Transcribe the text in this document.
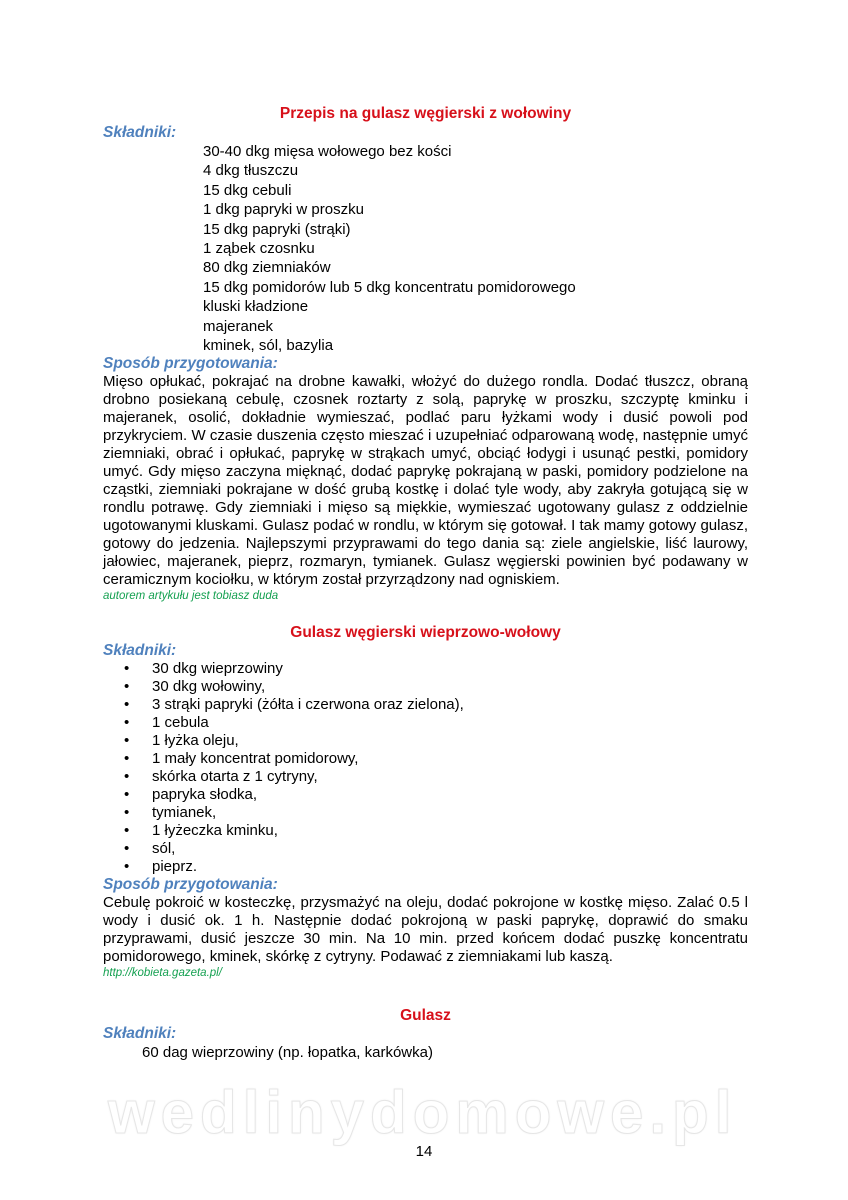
Przepis na gulasz węgierski z wołowiny
Składniki:
30-40 dkg mięsa wołowego bez kości
4 dkg tłuszczu
15 dkg cebuli
1 dkg papryki w proszku
15 dkg papryki (strąki)
1 ząbek czosnku
80 dkg ziemniaków
15 dkg pomidorów lub 5 dkg koncentratu pomidorowego
kluski kładzione
majeranek
kminek, sól, bazylia
Sposób przygotowania:

Mięso opłukać, pokrajać na drobne kawałki, włożyć do dużego rondla. Dodać tłuszcz, obraną drobno posiekaną cebulę, czosnek roztarty z solą, paprykę w proszku, szczyptę kminku i majeranek, osolić, dokładnie wymieszać, podlać paru łyżkami wody i dusić powoli pod przykryciem. W czasie duszenia często mieszać i uzupełniać odparowaną wodę, następnie umyć ziemniaki, obrać i opłukać, paprykę w strąkach umyć, obciąć łodygi i usunąć pestki, pomidory umyć. Gdy mięso zaczyna mięknąć, dodać paprykę pokrajaną w paski, pomidory podzielone na cząstki, ziemniaki pokrajane w dość grubą kostkę i dolać tyle wody, aby zakryła gotującą się w rondlu potrawę. Gdy ziemniaki i mięso są miękkie, wymieszać ugotowany gulasz z oddzielnie ugotowanymi kluskami. Gulasz podać w rondlu, w którym się gotował. I tak mamy gotowy gulasz, gotowy do jedzenia. Najlepszymi przyprawami do tego dania są: ziele angielskie, liść laurowy, jałowiec, majeranek, pieprz, rozmaryn, tymianek. Gulasz węgierski powinien być podawany w ceramicznym kociołku, w którym został przyrządzony nad ogniskiem.

autorem artykułu jest tobiasz duda
Gulasz węgierski wieprzowo-wołowy
Składniki:
• 30 dkg wieprzowiny
• 30 dkg wołowiny,
• 3 strąki papryki (żółta i czerwona oraz zielona),
• 1 cebula
• 1 łyżka oleju,
• 1 mały koncentrat pomidorowy,
• skórka otarta z 1 cytryny,
• papryka słodka,
• tymianek,
• 1 łyżeczka kminku,
• sól,
• pieprz.
Sposób przygotowania:

Cebulę pokroić w kosteczkę, przysmażyć na oleju, dodać pokrojone w kostkę mięso. Zalać 0.5 l wody i dusić ok. 1 h. Następnie dodać pokrojoną w paski paprykę, doprawić do smaku przyprawami, dusić jeszcze 30 min. Na 10 min. przed końcem dodać puszkę koncentratu pomidorowego, kminek, skórkę z cytryny. Podawać z ziemniakami lub kaszą.

http://kobieta.gazeta.pl/
Gulasz
Składniki:
60 dag wieprzowiny (np. łopatka, karkówka)
wedlinydomowe.pl
14
